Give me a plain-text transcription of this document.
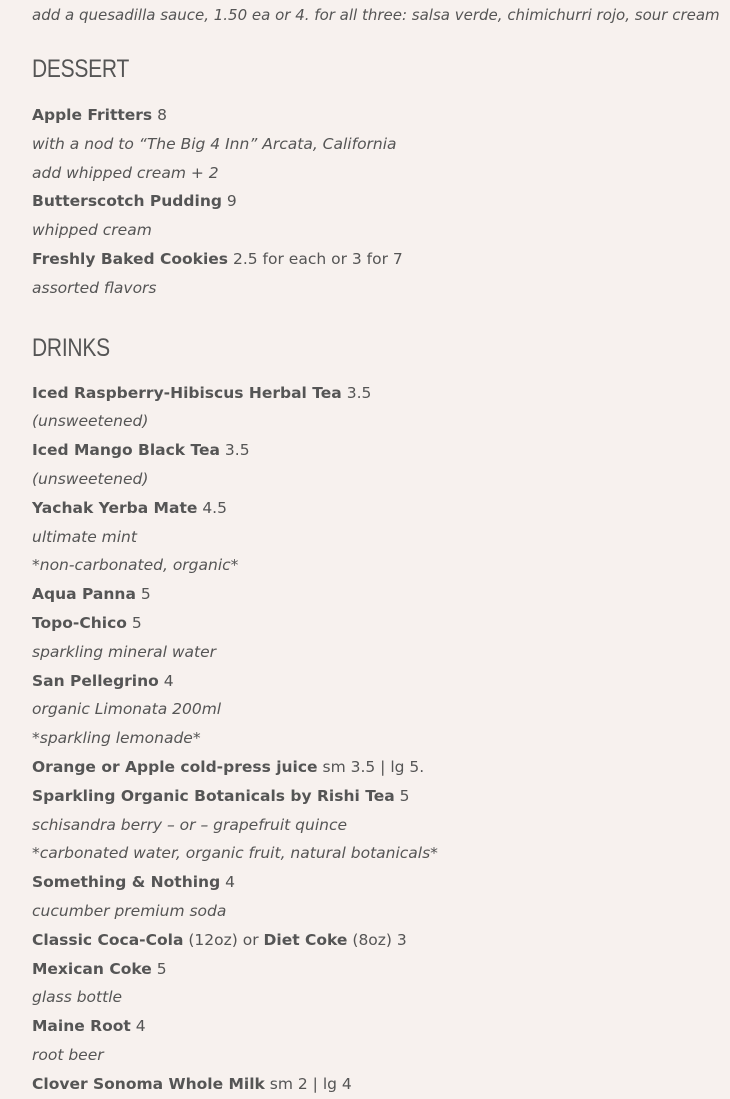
add a quesadilla sauce, 1.50 ea or 4. for all three: salsa verde, chimichurri rojo, sour cream
DESSERT
Apple Fritters 8
with a nod to “The Big 4 Inn” Arcata, California
add whipped cream + 2
Butterscotch Pudding 9
whipped cream
Freshly Baked Cookies 2.5 for each or 3 for 7
assorted flavors
DRINKS
Iced Raspberry-Hibiscus Herbal Tea 3.5
(unsweetened)
Iced Mango Black Tea 3.5
(unsweetened)
Yachak Yerba Mate 4.5
ultimate mint
*non-carbonated, organic*
Aqua Panna 5
Topo-Chico 5
sparkling mineral water
San Pellegrino 4
organic Limonata 200ml
*sparkling lemonade*
Orange or Apple cold-press juice sm 3.5 | lg 5.
Sparkling Organic Botanicals by Rishi Tea 5
schisandra berry – or – grapefruit quince
*carbonated water, organic fruit, natural botanicals*
Something & Nothing 4
cucumber premium soda
Classic Coca-Cola (12oz) or Diet Coke (8oz) 3
Mexican Coke 5
glass bottle
Maine Root 4
root beer
Clover Sonoma Whole Milk sm 2 | lg 4
